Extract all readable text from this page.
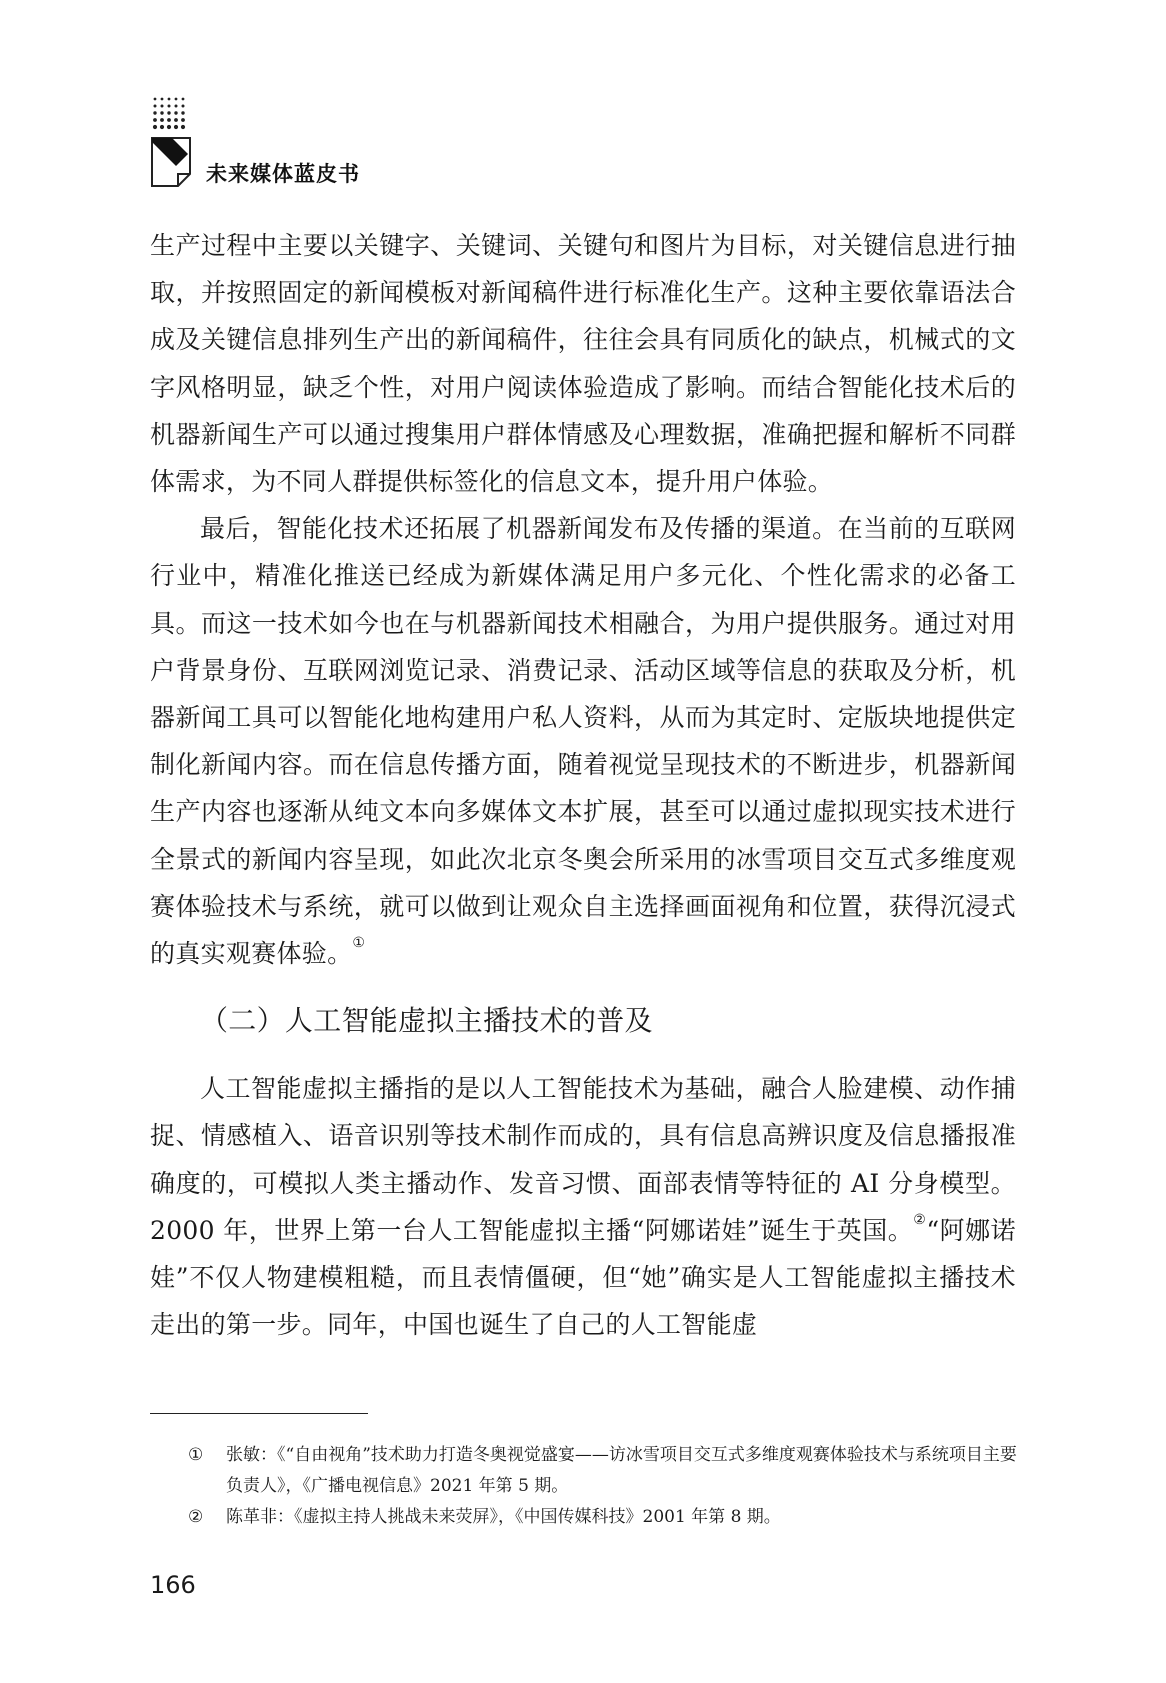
未来媒体蓝皮书

生产过程中主要以关键字、关键词、关键句和图片为目标，对关键信息进行抽取，并按照固定的新闻模板对新闻稿件进行标准化生产。这种主要依靠语法合成及关键信息排列生产出的新闻稿件，往往会具有同质化的缺点，机械式的文字风格明显，缺乏个性，对用户阅读体验造成了影响。而结合智能化技术后的机器新闻生产可以通过搜集用户群体情感及心理数据，准确把握和解析不同群体需求，为不同人群提供标签化的信息文本，提升用户体验。

最后，智能化技术还拓展了机器新闻发布及传播的渠道。在当前的互联网行业中，精准化推送已经成为新媒体满足用户多元化、个性化需求的必备工具。而这一技术如今也在与机器新闻技术相融合，为用户提供服务。通过对用户背景身份、互联网浏览记录、消费记录、活动区域等信息的获取及分析，机器新闻工具可以智能化地构建用户私人资料，从而为其定时、定版块地提供定制化新闻内容。而在信息传播方面，随着视觉呈现技术的不断进步，机器新闻生产内容也逐渐从纯文本向多媒体文本扩展，甚至可以通过虚拟现实技术进行全景式的新闻内容呈现，如此次北京冬奥会所采用的冰雪项目交互式多维度观赛体验技术与系统，就可以做到让观众自主选择画面视角和位置，获得沉浸式的真实观赛体验。①

（二）人工智能虚拟主播技术的普及

人工智能虚拟主播指的是以人工智能技术为基础，融合人脸建模、动作捕捉、情感植入、语音识别等技术制作而成的，具有信息高辨识度及信息播报准确度的，可模拟人类主播动作、发音习惯、面部表情等特征的 AI 分身模型。2000 年，世界上第一台人工智能虚拟主播“阿娜诺娃”诞生于英国。②“阿娜诺娃”不仅人物建模粗糙，而且表情僵硬，但“她”确实是人工智能虚拟主播技术走出的第一步。同年，中国也诞生了自己的人工智能虚

①	张敏：《“自由视角”技术助力打造冬奥视觉盛宴——访冰雪项目交互式多维度观赛体验技术与系统项目主要负责人》，《广播电视信息》2021 年第 5 期。
②	陈革非：《虚拟主持人挑战未来荧屏》，《中国传媒科技》2001 年第 8 期。
166
